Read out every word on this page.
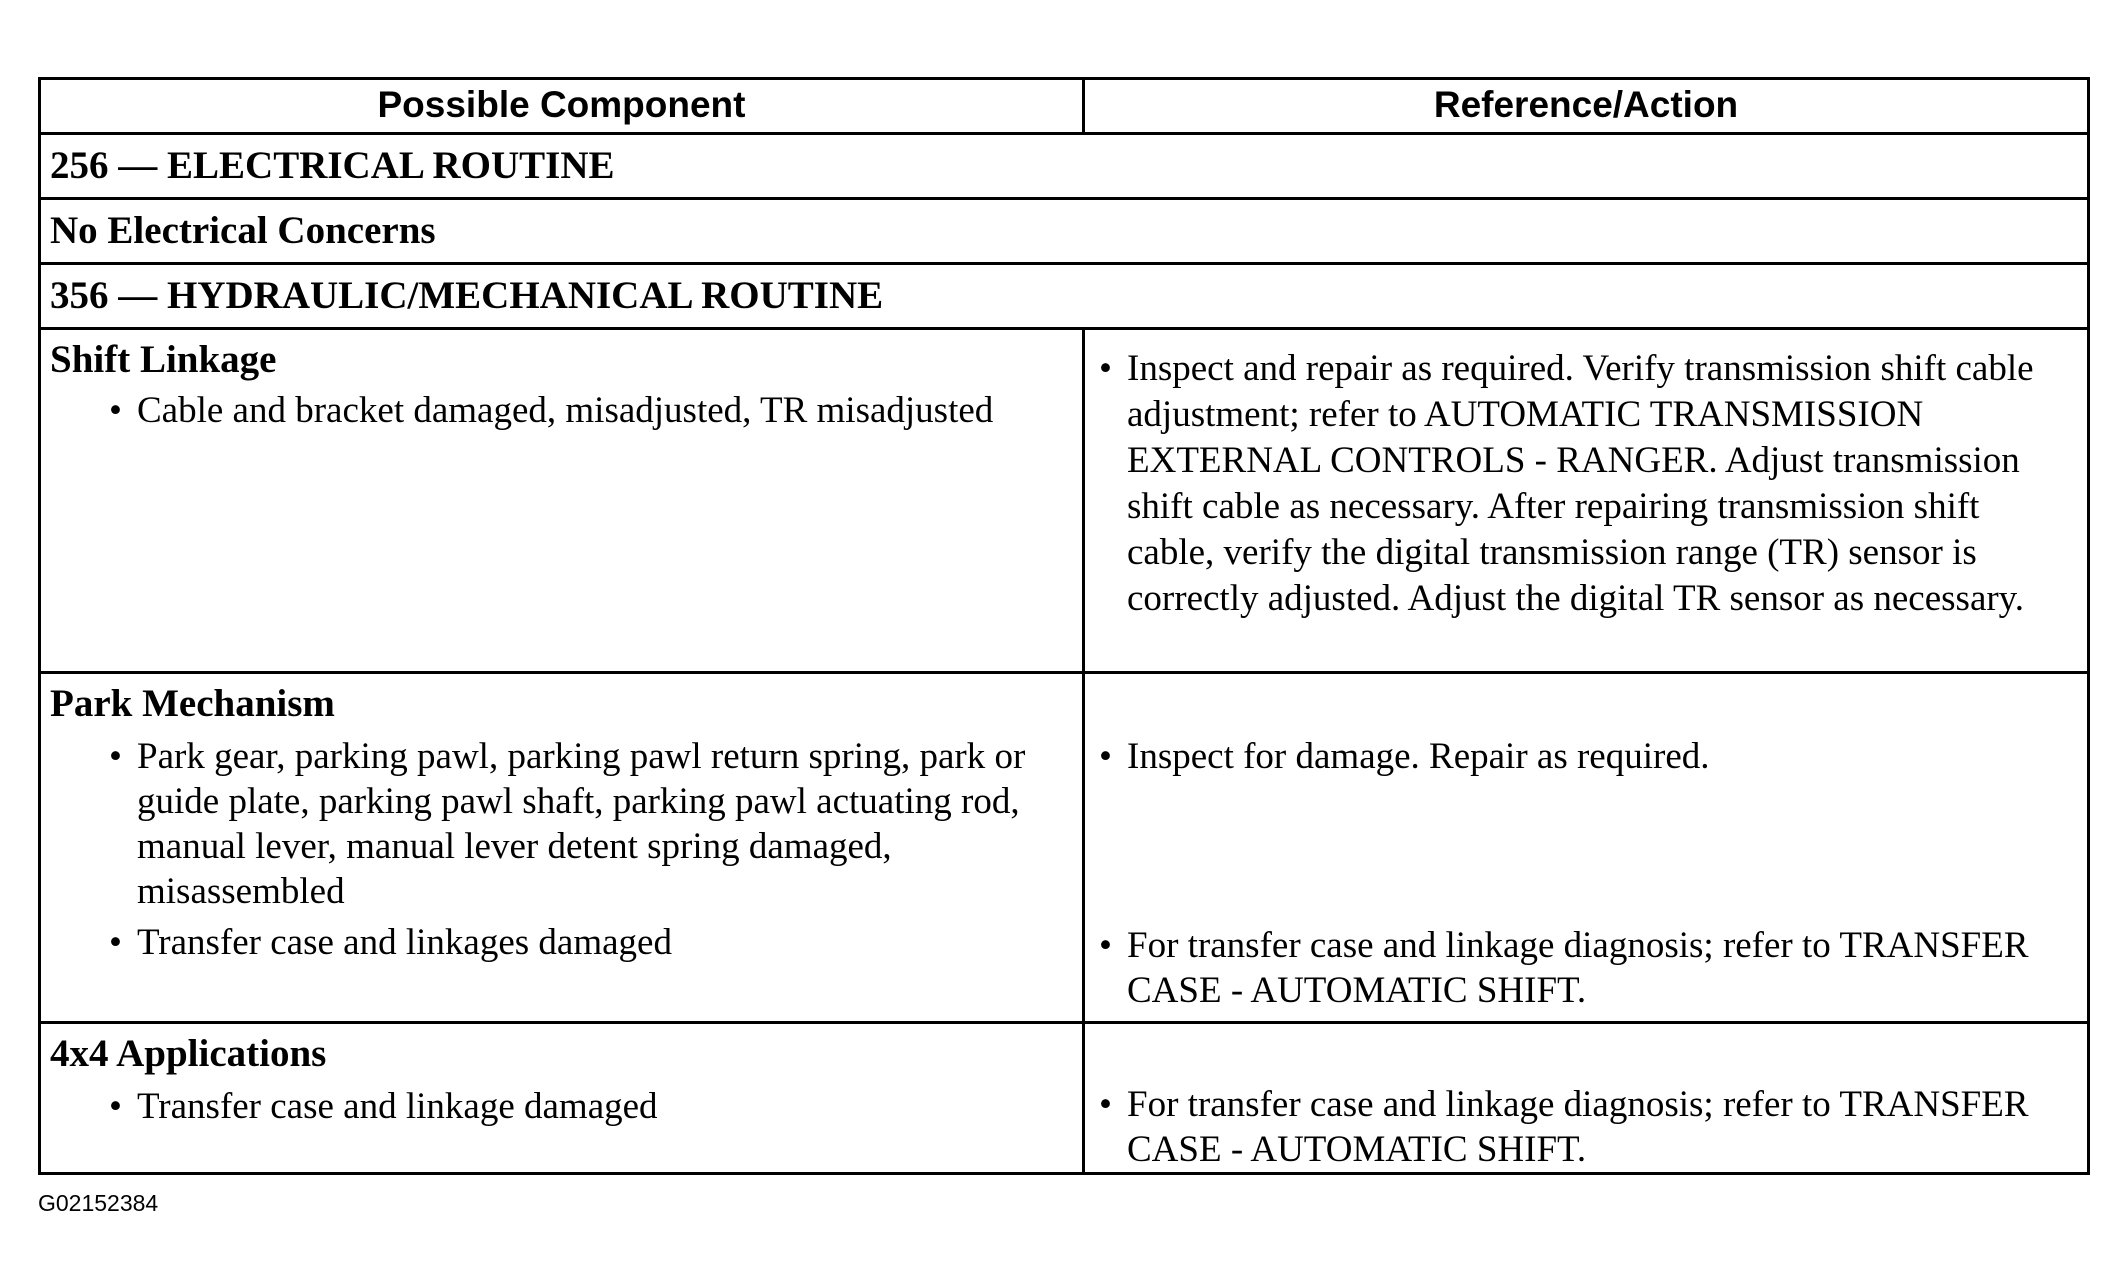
Possible Component	Reference/Action
256 — ELECTRICAL ROUTINE
No Electrical Concerns
356 — HYDRAULIC/MECHANICAL ROUTINE
Shift Linkage
• Cable and bracket damaged, misadjusted, TR misadjusted
• Inspect and repair as required. Verify transmission shift cable adjustment; refer to AUTOMATIC TRANSMISSION EXTERNAL CONTROLS - RANGER. Adjust transmission shift cable as necessary. After repairing transmission shift cable, verify the digital transmission range (TR) sensor is correctly adjusted. Adjust the digital TR sensor as necessary.
Park Mechanism
• Park gear, parking pawl, parking pawl return spring, park or guide plate, parking pawl shaft, parking pawl actuating rod, manual lever, manual lever detent spring damaged, misassembled
• Transfer case and linkages damaged
• Inspect for damage. Repair as required.
• For transfer case and linkage diagnosis; refer to TRANSFER CASE - AUTOMATIC SHIFT.
4x4 Applications
• Transfer case and linkage damaged	• For transfer case and linkage diagnosis; refer to TRANSFER CASE - AUTOMATIC SHIFT.
G02152384
